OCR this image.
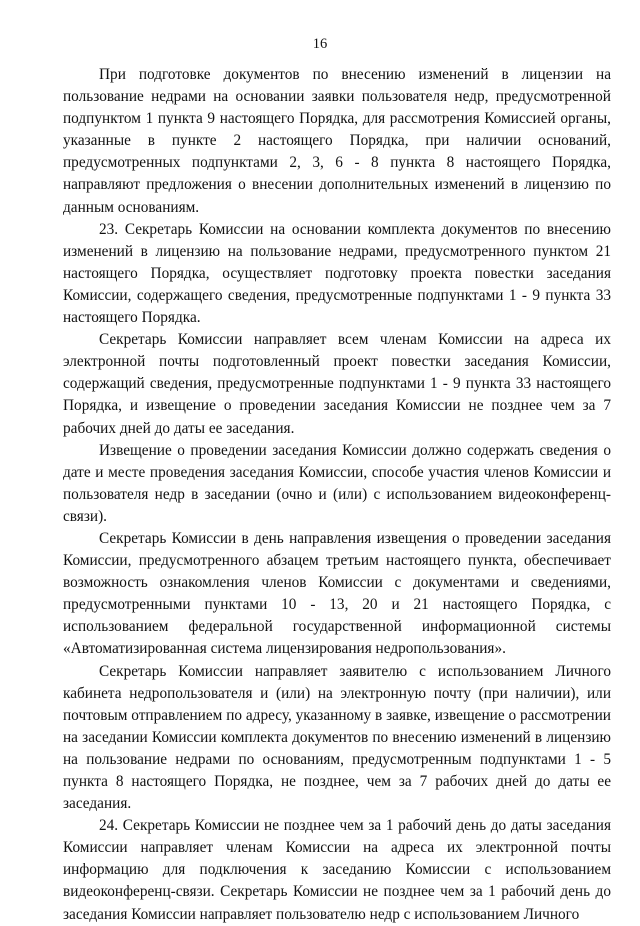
16

При подготовке документов по внесению изменений в лицензии на пользование недрами на основании заявки пользователя недр, предусмотренной подпунктом 1 пункта 9 настоящего Порядка, для рассмотрения Комиссией органы, указанные в пункте 2 настоящего Порядка, при наличии оснований, предусмотренных подпунктами 2, 3, 6 - 8 пункта 8 настоящего Порядка, направляют предложения о внесении дополнительных изменений в лицензию по данным основаниям.

23. Секретарь Комиссии на основании комплекта документов по внесению изменений в лицензию на пользование недрами, предусмотренного пунктом 21 настоящего Порядка, осуществляет подготовку проекта повестки заседания Комиссии, содержащего сведения, предусмотренные подпунктами 1 - 9 пункта 33 настоящего Порядка.

Секретарь Комиссии направляет всем членам Комиссии на адреса их электронной почты подготовленный проект повестки заседания Комиссии, содержащий сведения, предусмотренные подпунктами 1 - 9 пункта 33 настоящего Порядка, и извещение о проведении заседания Комиссии не позднее чем за 7 рабочих дней до даты ее заседания.

Извещение о проведении заседания Комиссии должно содержать сведения о дате и месте проведения заседания Комиссии, способе участия членов Комиссии и пользователя недр в заседании (очно и (или) с использованием видеоконференц-связи).

Секретарь Комиссии в день направления извещения о проведении заседания Комиссии, предусмотренного абзацем третьим настоящего пункта, обеспечивает возможность ознакомления членов Комиссии с документами и сведениями, предусмотренными пунктами 10 - 13, 20 и 21 настоящего Порядка, с использованием федеральной государственной информационной системы «Автоматизированная система лицензирования недропользования».

Секретарь Комиссии направляет заявителю с использованием Личного кабинета недропользователя и (или) на электронную почту (при наличии), или почтовым отправлением по адресу, указанному в заявке, извещение о рассмотрении на заседании Комиссии комплекта документов по внесению изменений в лицензию на пользование недрами по основаниям, предусмотренным подпунктами 1 - 5 пункта 8 настоящего Порядка, не позднее, чем за 7 рабочих дней до даты ее заседания.

24. Секретарь Комиссии не позднее чем за 1 рабочий день до даты заседания Комиссии направляет членам Комиссии на адреса их электронной почты информацию для подключения к заседанию Комиссии с использованием видеоконференц-связи. Секретарь Комиссии не позднее чем за 1 рабочий день до заседания Комиссии направляет пользователю недр с использованием Личного
